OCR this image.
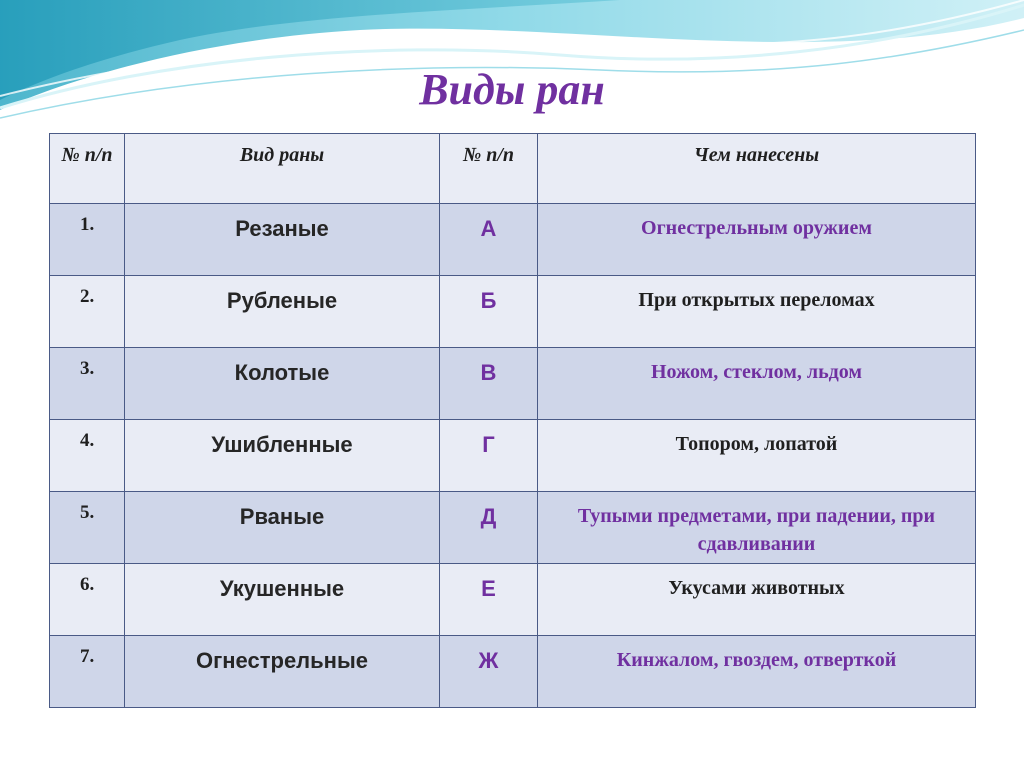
Виды ран
№ п/п	Вид раны	№ п/п	Чем нанесены
1.	Резаные	А	Огнестрельным оружием
2.	Рубленые	Б	При открытых переломах
3.	Колотые	В	Ножом, стеклом, льдом
4.	Ушибленные	Г	Топором, лопатой
5.	Рваные	Д	Тупыми предметами, при падении, при сдавливании
6.	Укушенные	Е	Укусами животных
7.	Огнестрельные	Ж	Кинжалом, гвоздем, отверткой
